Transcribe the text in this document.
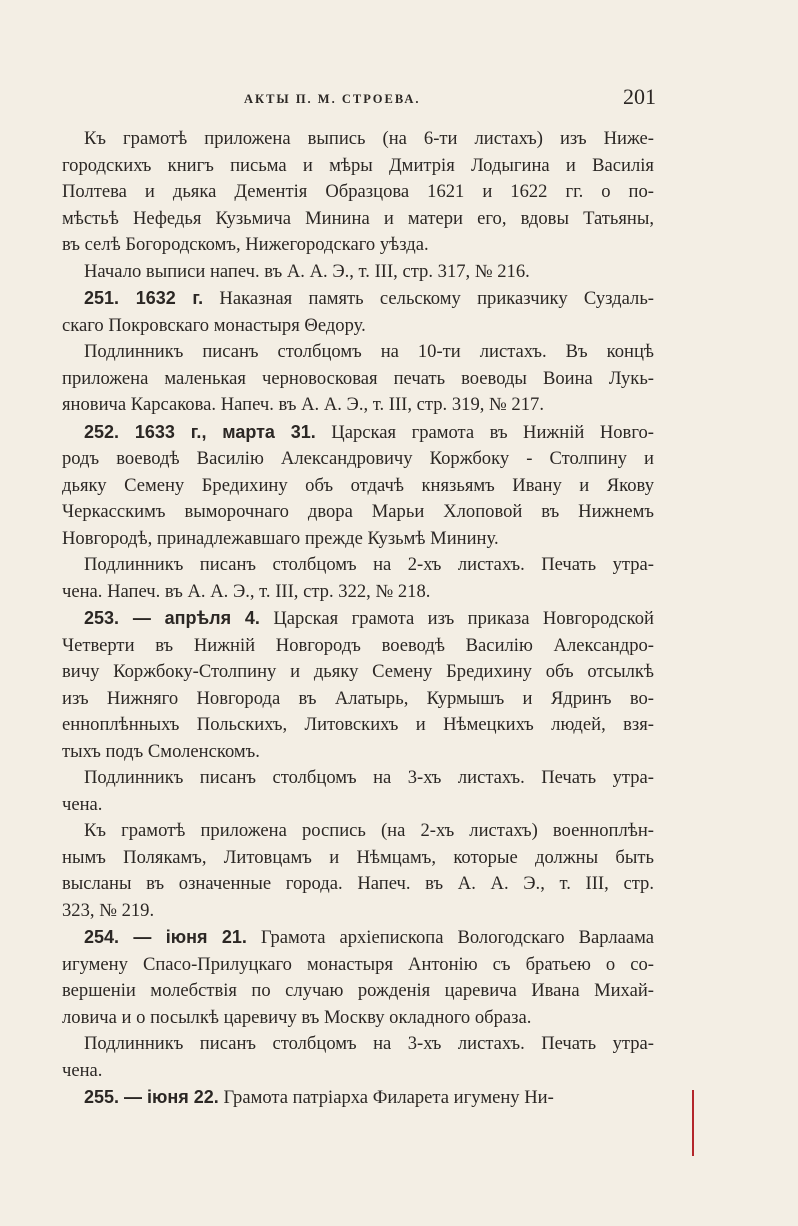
АКТЫ П. М. СТРОЕВА.	201
Къ грамотѣ приложена выпись (на 6-ти листахъ) изъ Ниже-
городскихъ книгъ письма и мѣры Дмитрія Лодыгина и Василія
Полтева и дьяка Дементія Образцова 1621 и 1622 гг. о по-
мѣстьѣ Нефедья Кузьмича Минина и матери его, вдовы Татьяны,
въ селѣ Богородскомъ, Нижегородскаго уѣзда.
Начало выписи напеч. въ А. А. Э., т. III, стр. 317, № 216.
251. 1632 г. Наказная память сельскому приказчику Суздаль-
скаго Покровскаго монастыря Θедору.
Подлинникъ писанъ столбцомъ на 10-ти листахъ. Въ концѣ
приложена маленькая черновосковая печать воеводы Воина Лукь-
яновича Карсакова. Напеч. въ А. А. Э., т. III, стр. 319, № 217.
252. 1633 г., марта 31. Царская грамота въ Нижній Новго-
родъ воеводѣ Василію Александровичу Коржбоку - Столпину и
дьяку Семену Бредихину объ отдачѣ князьямъ Ивану и Якову
Черкасскимъ выморочнаго двора Марьи Хлоповой въ Нижнемъ
Новгородѣ, принадлежавшаго прежде Кузьмѣ Минину.
Подлинникъ писанъ столбцомъ на 2-хъ листахъ. Печать утра-
чена. Напеч. въ А. А. Э., т. III, стр. 322, № 218.
253. — апрѣля 4. Царская грамота изъ приказа Новгородской
Четверти въ Нижній Новгородъ воеводѣ Василію Александро-
вичу Коржбоку-Столпину и дьяку Семену Бредихину объ отсылкѣ
изъ Нижняго Новгорода въ Алатырь, Курмышъ и Ядринъ во-
енноплѣнныхъ Польскихъ, Литовскихъ и Нѣмецкихъ людей, взя-
тыхъ подъ Смоленскомъ.
Подлинникъ писанъ столбцомъ на 3-хъ листахъ. Печать утра-
чена.
Къ грамотѣ приложена роспись (на 2-хъ листахъ) военноплѣн-
нымъ Полякамъ, Литовцамъ и Нѣмцамъ, которые должны быть
высланы въ означенные города. Напеч. въ А. А. Э., т. III, стр.
323, № 219.
254. — іюня 21. Грамота архіепископа Вологодскаго Варлаама
игумену Спасо-Прилуцкаго монастыря Антонію съ братьею о со-
вершеніи молебствія по случаю рожденія царевича Ивана Михай-
ловича и о посылкѣ царевичу въ Москву окладного образа.
Подлинникъ писанъ столбцомъ на 3-хъ листахъ. Печать утра-
чена.
255. — іюня 22. Грамота патріарха Филарета игумену Ни-
